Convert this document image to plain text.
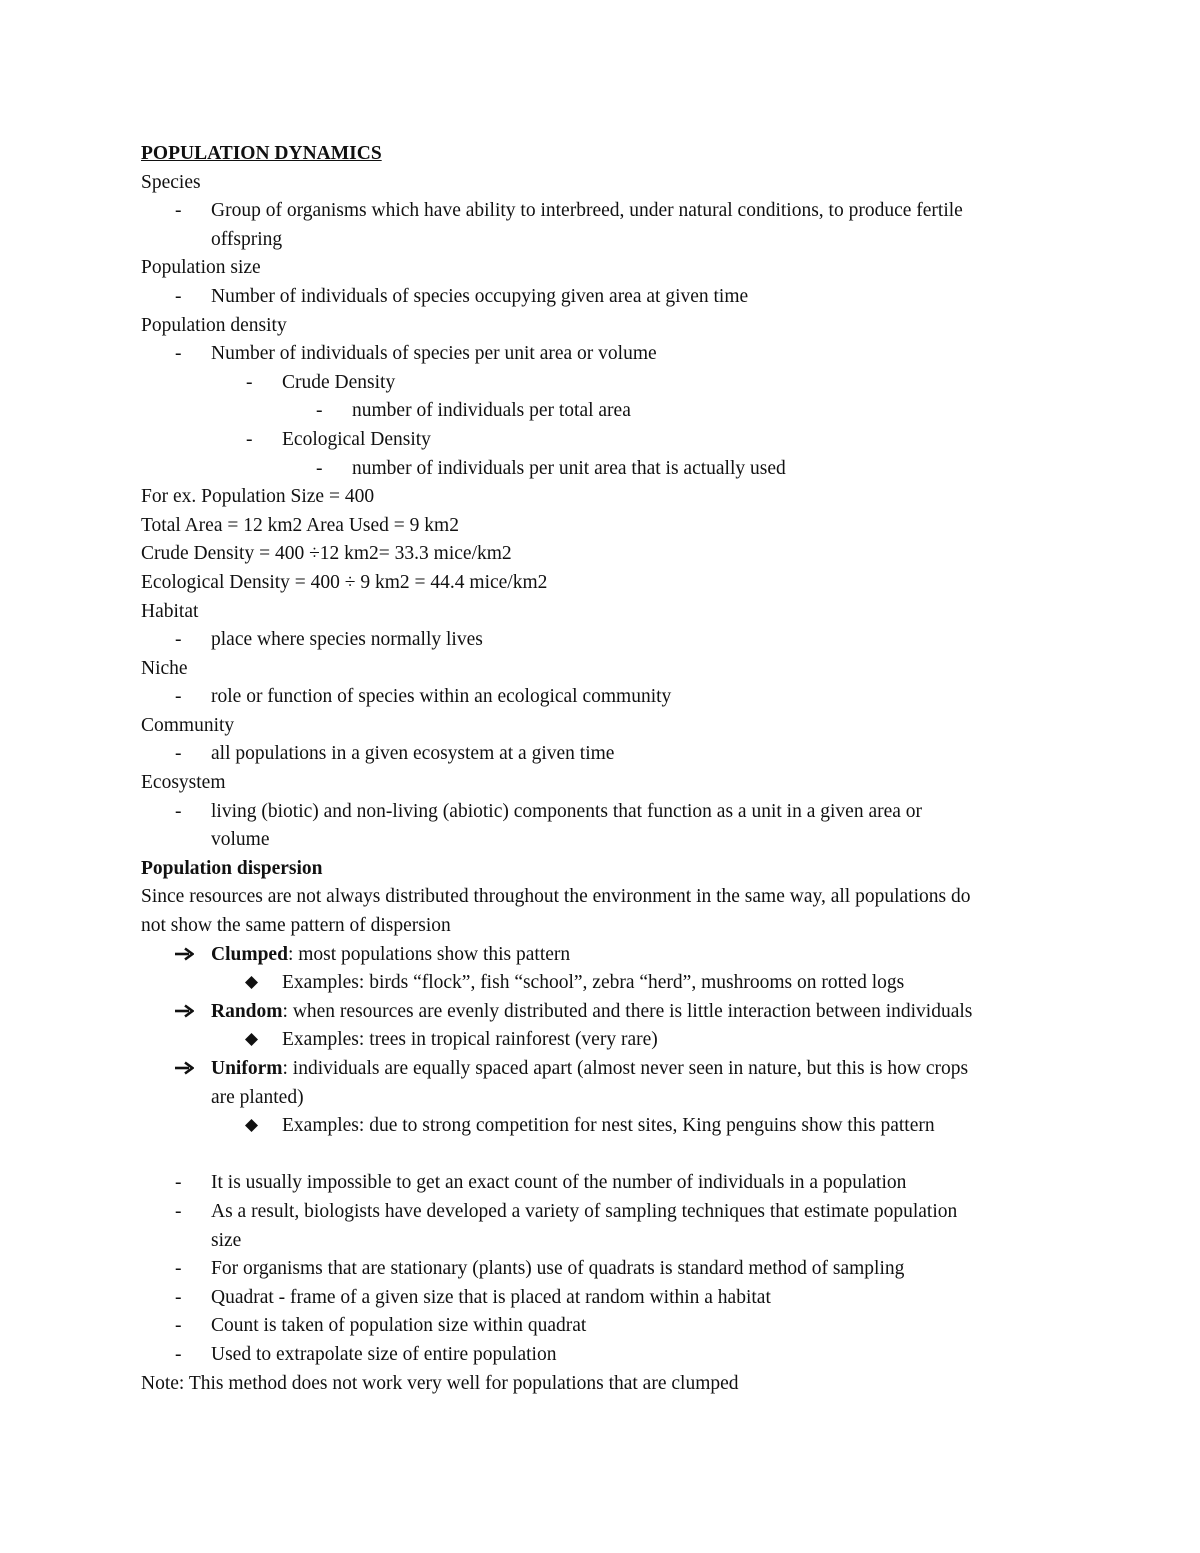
POPULATION DYNAMICS
Species
-	Group of organisms which have ability to interbreed, under natural conditions, to produce fertile
offspring
Population size
-	Number of individuals of species occupying given area at given time
Population density
-	Number of individuals of species per unit area or volume
-	Crude Density
-	number of individuals per total area
-	Ecological Density
-	number of individuals per unit area that is actually used
For ex. Population Size = 400
Total Area = 12 km2 Area Used = 9 km2
Crude Density = 400 ÷12 km2= 33.3 mice/km2
Ecological Density = 400 ÷ 9 km2 = 44.4 mice/km2
Habitat
-	place where species normally lives
Niche
-	role or function of species within an ecological community
Community
-	all populations in a given ecosystem at a given time
Ecosystem
-	living (biotic) and non-living (abiotic) components that function as a unit in a given area or
volume
Population dispersion
Since resources are not always distributed throughout the environment in the same way, all populations do
not show the same pattern of dispersion
Clumped: most populations show this pattern
Examples: birds “flock”, fish “school”, zebra “herd”, mushrooms on rotted logs
Random: when resources are evenly distributed and there is little interaction between individuals
Examples: trees in tropical rainforest (very rare)
Uniform: individuals are equally spaced apart (almost never seen in nature, but this is how crops
are planted)
Examples: due to strong competition for nest sites, King penguins show this pattern
-	It is usually impossible to get an exact count of the number of individuals in a population
-	As a result, biologists have developed a variety of sampling techniques that estimate population
size
-	For organisms that are stationary (plants) use of quadrats is standard method of sampling
-	Quadrat - frame of a given size that is placed at random within a habitat
-	Count is taken of population size within quadrat
-	Used to extrapolate size of entire population
Note: This method does not work very well for populations that are clumped
